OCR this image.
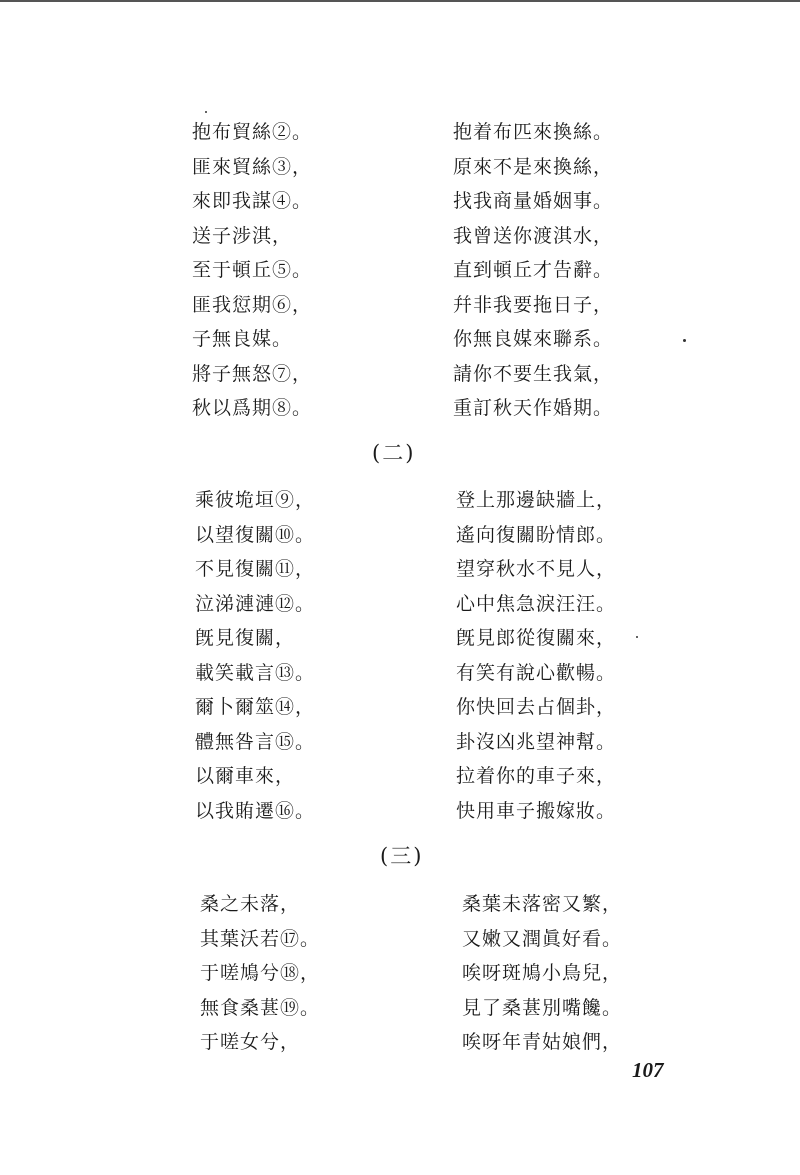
抱布貿絲②。
匪來貿絲③，
來即我謀④。
送子涉淇，
至于頓丘⑤。
匪我愆期⑥，
子無良媒。
將子無怒⑦，
秋以爲期⑧。
抱着布匹來換絲。
原來不是來換絲，
找我商量婚姻事。
我曾送你渡淇水，
直到頓丘才告辭。
幷非我要拖日子，
你無良媒來聯系。
請你不要生我氣，
重訂秋天作婚期。
(二)
乘彼垝垣⑨，
以望復關⑩。
不見復關⑪，
泣涕漣漣⑫。
旣見復關，
載笑載言⑬。
爾卜爾筮⑭，
體無咎言⑮。
以爾車來，
以我賄遷⑯。
登上那邊缺牆上，
遙向復關盼情郎。
望穿秋水不見人，
心中焦急淚汪汪。
旣見郎從復關來，
有笑有說心歡暢。
你快回去占個卦，
卦沒凶兆望神幫。
拉着你的車子來，
快用車子搬嫁妝。
(三)
桑之未落，
其葉沃若⑰。
于嗟鳩兮⑱，
無食桑葚⑲。
于嗟女兮，
桑葉未落密又繁，
又嫩又潤眞好看。
唉呀斑鳩小鳥兒，
見了桑葚別嘴饞。
唉呀年青姑娘們，
107
